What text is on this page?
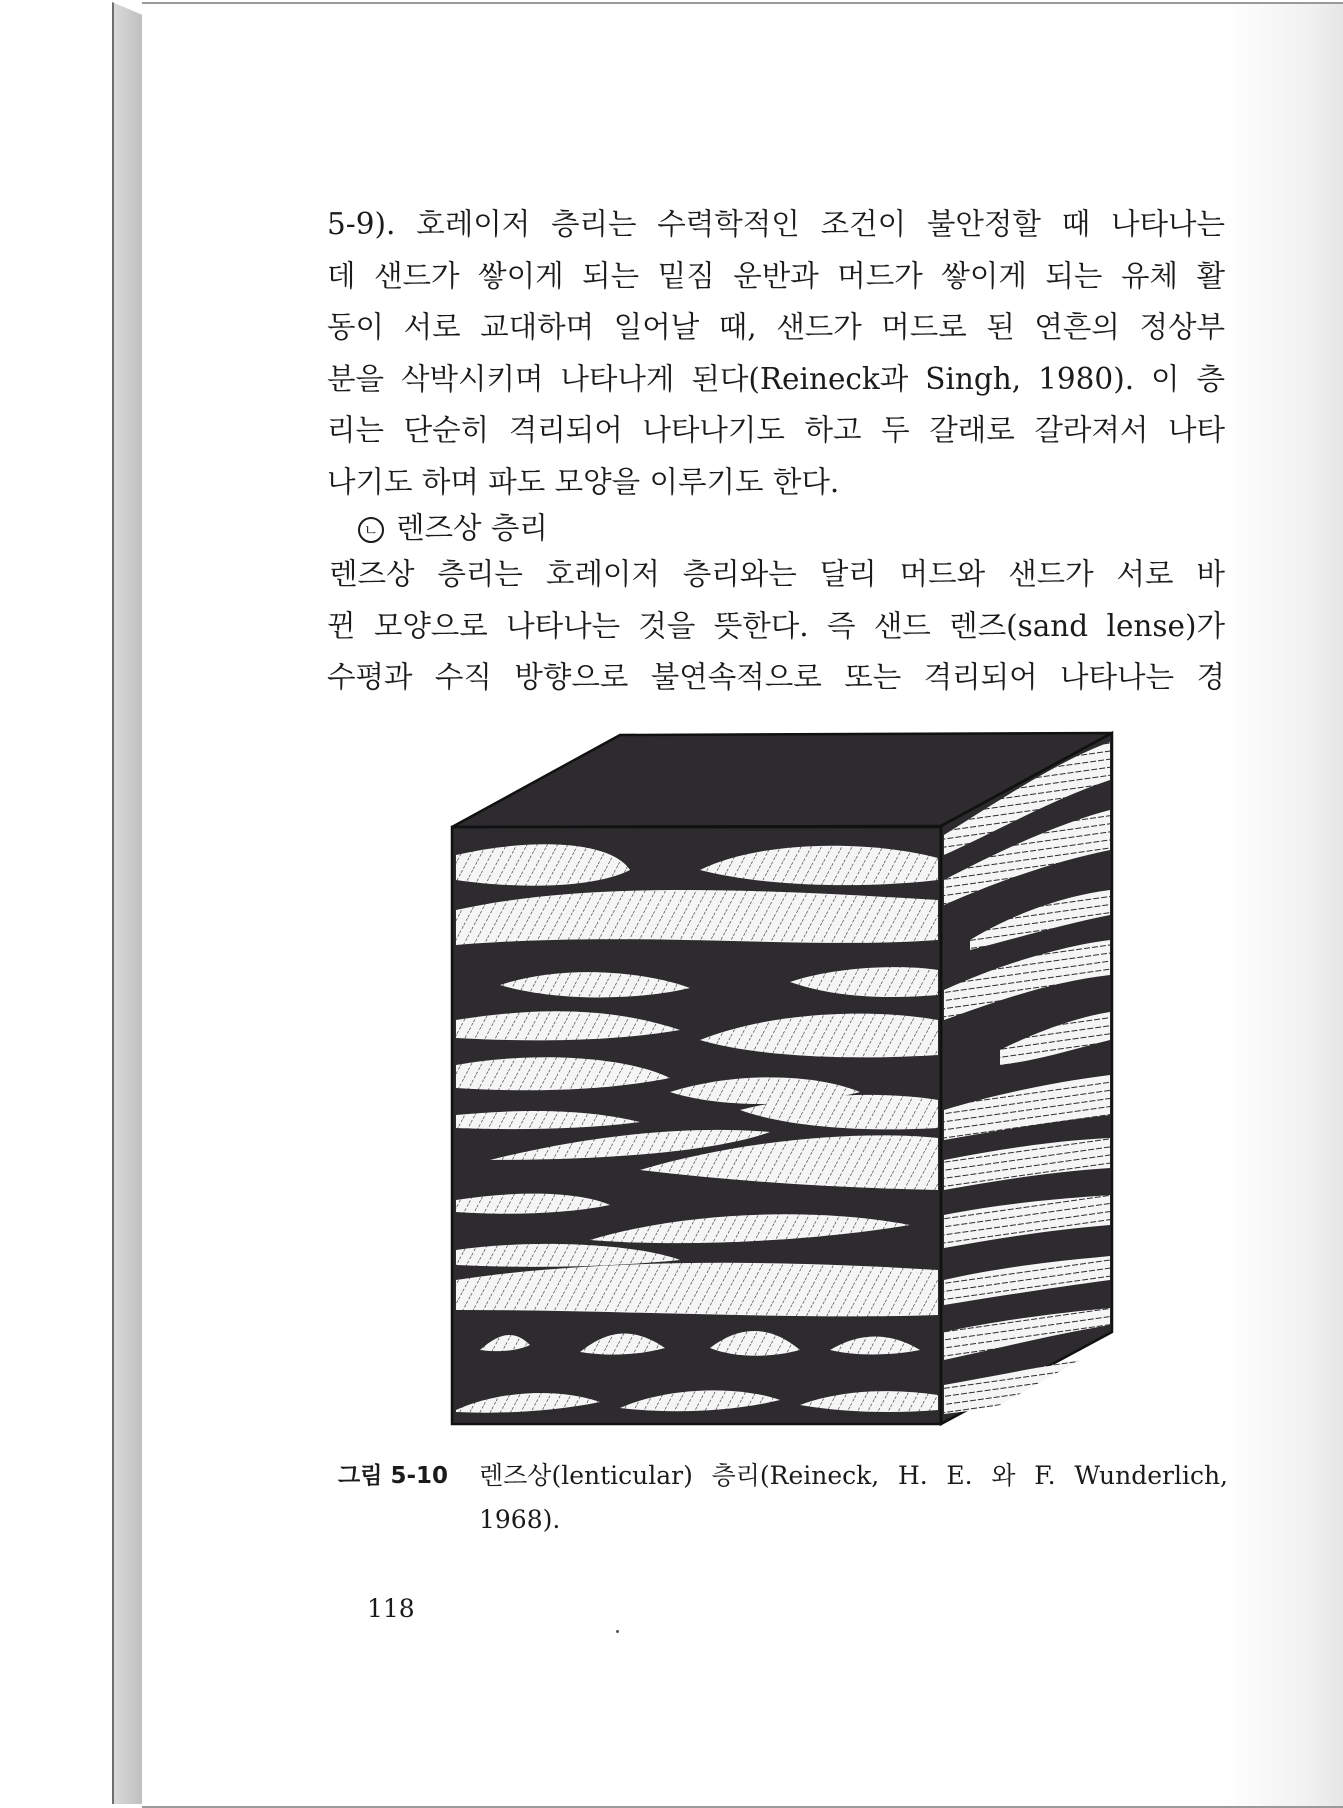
5-9). 호레이저 층리는 수력학적인 조건이 불안정할 때 나타나는
데 샌드가 쌓이게 되는 밑짐 운반과 머드가 쌓이게 되는 유체 활
동이 서로 교대하며 일어날 때, 샌드가 머드로 된 연흔의 정상부
분을 삭박시키며 나타나게 된다(Reineck과 Singh, 1980). 이 층
리는 단순히 격리되어 나타나기도 하고 두 갈래로 갈라져서 나타
나기도 하며 파도 모양을 이루기도 한다.
ㄴ 렌즈상 층리
렌즈상 층리는 호레이저 층리와는 달리 머드와 샌드가 서로 바
뀐 모양으로 나타나는 것을 뜻한다. 즉 샌드 렌즈(sand lense)가
수평과 수직 방향으로 불연속적으로 또는 격리되어 나타나는 경
그림 5-10 렌즈상(lenticular) 층리(Reineck, H. E. 와 F. Wunderlich,
1968).
118
